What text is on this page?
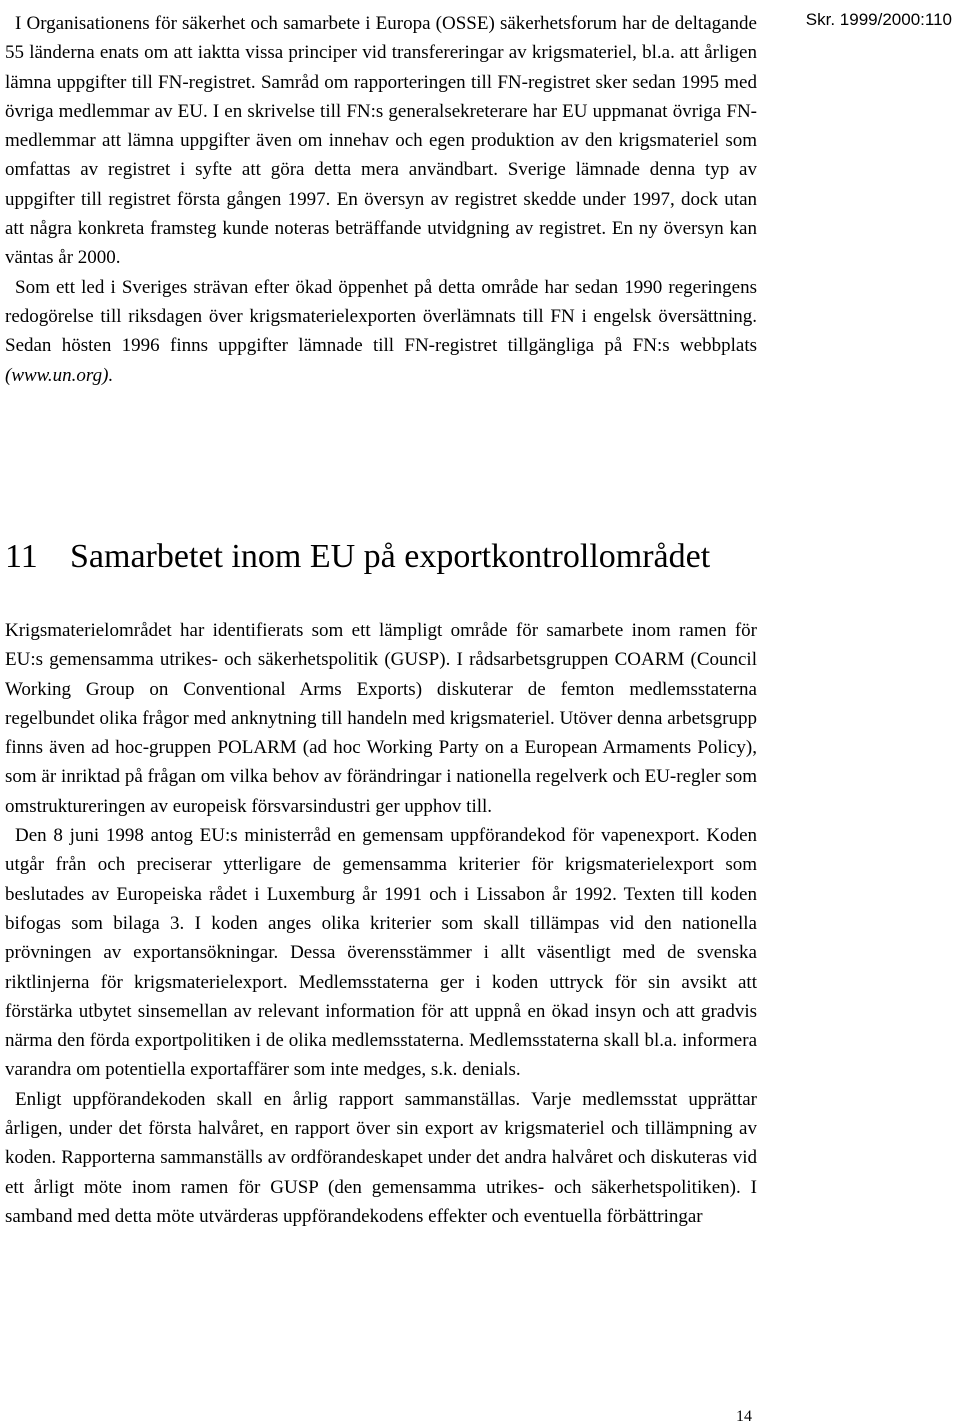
Skr. 1999/2000:110

I Organisationens för säkerhet och samarbete i Europa (OSSE) säkerhetsforum har de deltagande 55 länderna enats om att iaktta vissa principer vid transfereringar av krigsmateriel, bl.a. att årligen lämna uppgifter till FN-registret. Samråd om rapporteringen till FN-registret sker sedan 1995 med övriga medlemmar av EU. I en skrivelse till FN:s generalsekreterare har EU uppmanat övriga FN-medlemmar att lämna uppgifter även om innehav och egen produktion av den krigsmateriel som omfattas av registret i syfte att göra detta mera användbart. Sverige lämnade denna typ av uppgifter till registret första gången 1997. En översyn av registret skedde under 1997, dock utan att några konkreta framsteg kunde noteras beträffande utvidgning av registret. En ny översyn kan väntas år 2000.

Som ett led i Sveriges strävan efter ökad öppenhet på detta område har sedan 1990 regeringens redogörelse till riksdagen över krigsmaterielexporten överlämnats till FN i engelsk översättning. Sedan hösten 1996 finns uppgifter lämnade till FN-registret tillgängliga på FN:s webbplats (www.un.org).

11 Samarbetet inom EU på exportkontrollområdet

Krigsmaterielområdet har identifierats som ett lämpligt område för samarbete inom ramen för EU:s gemensamma utrikes- och säkerhetspolitik (GUSP). I rådsarbetsgruppen COARM (Council Working Group on Conventional Arms Exports) diskuterar de femton medlemsstaterna regelbundet olika frågor med anknytning till handeln med krigsmateriel. Utöver denna arbetsgrupp finns även ad hoc-gruppen POLARM (ad hoc Working Party on a European Armaments Policy), som är inriktad på frågan om vilka behov av förändringar i nationella regelverk och EU-regler som omstruktureringen av europeisk försvarsindustri ger upphov till.

Den 8 juni 1998 antog EU:s ministerråd en gemensam uppförandekod för vapenexport. Koden utgår från och preciserar ytterligare de gemensamma kriterier för krigsmaterielexport som beslutades av Europeiska rådet i Luxemburg år 1991 och i Lissabon år 1992. Texten till koden bifogas som bilaga 3. I koden anges olika kriterier som skall tillämpas vid den nationella prövningen av exportansökningar. Dessa överensstämmer i allt väsentligt med de svenska riktlinjerna för krigsmaterielexport. Medlemsstaterna ger i koden uttryck för sin avsikt att förstärka utbytet sinsemellan av relevant information för att uppnå en ökad insyn och att gradvis närma den förda exportpolitiken i de olika medlemsstaterna. Medlemsstaterna skall bl.a. informera varandra om potentiella exportaffärer som inte medges, s.k. denials.

Enligt uppförandekoden skall en årlig rapport sammanställas. Varje medlemsstat upprättar årligen, under det första halvåret, en rapport över sin export av krigsmateriel och tillämpning av koden. Rapporterna sammanställs av ordförandeskapet under det andra halvåret och diskuteras vid ett årligt möte inom ramen för GUSP (den gemensamma utrikes- och säkerhetspolitiken). I samband med detta möte utvärderas uppförandekodens effekter och eventuella förbättringar

14
